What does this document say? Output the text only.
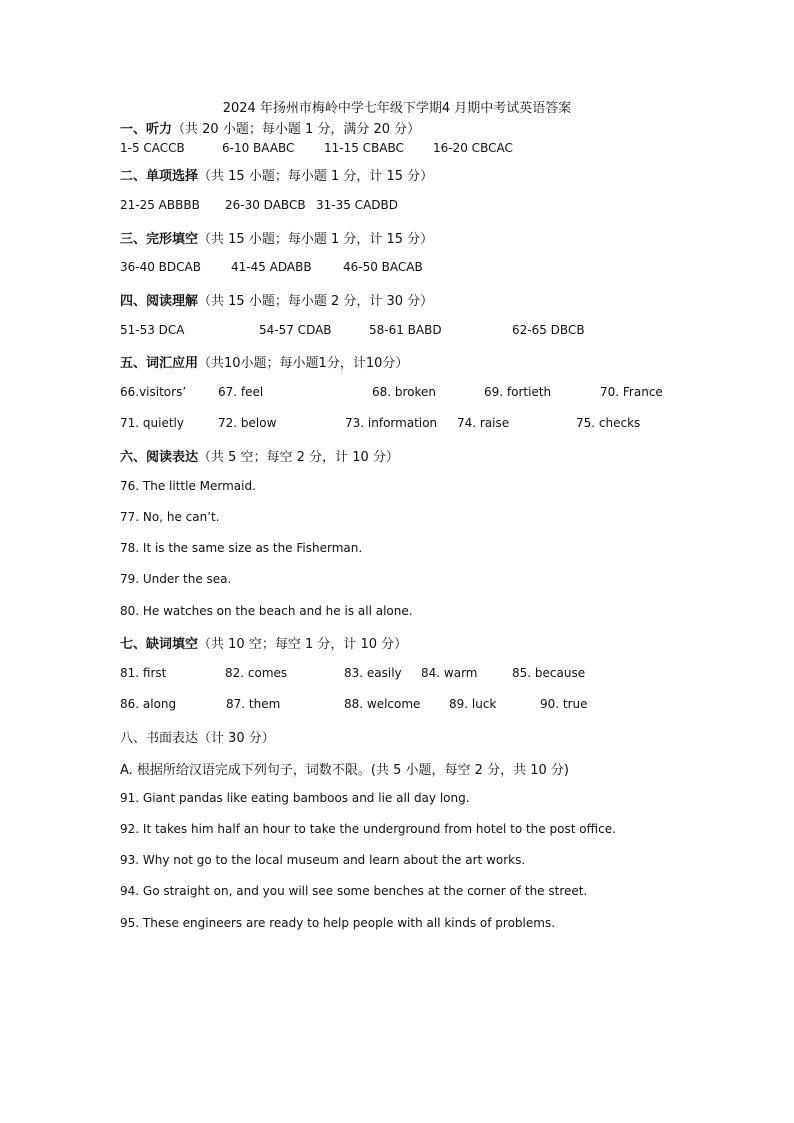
2024 年扬州市梅岭中学七年级下学期4 月期中考试英语答案
一、听力（共 20 小题；每小题 1 分，满分 20 分）
1-5 CACCB	6-10 BAABC 11-15 CBABC 16-20 CBCAC
二、单项选择（共 15 小题；每小题 1 分，计 15 分）
21-25 ABBBB 26-30 DABCB 31-35 CADBD
三、完形填空（共 15 小题；每小题 1 分，计 15 分）
36-40 BDCAB	41-45 ADABB	46-50 BACAB
四、阅读理解（共 15 小题；每小题 2 分，计 30 分）
51-53 DCA	54-57 CDAB	58-61 BABD	62-65 DBCB
五、词汇应用（共10小题；每小题1分，计10分）
66.visitors’	67. feel	68. broken	69. fortieth	70. France
71. quietly	72. below	73. information 74. raise	75. checks
六、阅读表达（共 5 空；每空 2 分，计 10 分）
76. The little Mermaid.
77. No, he can’t.
78. It is the same size as the Fisherman.
79. Under the sea.
80. He watches on the beach and he is all alone.
七、缺词填空（共 10 空；每空 1 分，计 10 分）
81. first	82. comes	83. easily 84. warm	85. because
86. along	87. them	88. welcome 89. luck	90. true
八、书面表达（计 30 分）
A. 根据所给汉语完成下列句子，词数不限。(共 5 小题，每空 2 分，共 10 分)
91. Giant pandas like eating bamboos and lie all day long.
92. It takes him half an hour to take the underground from hotel to the post office.
93. Why not go to the local museum and learn about the art works.
94. Go straight on, and you will see some benches at the corner of the street.
95. These engineers are ready to help people with all kinds of problems.
